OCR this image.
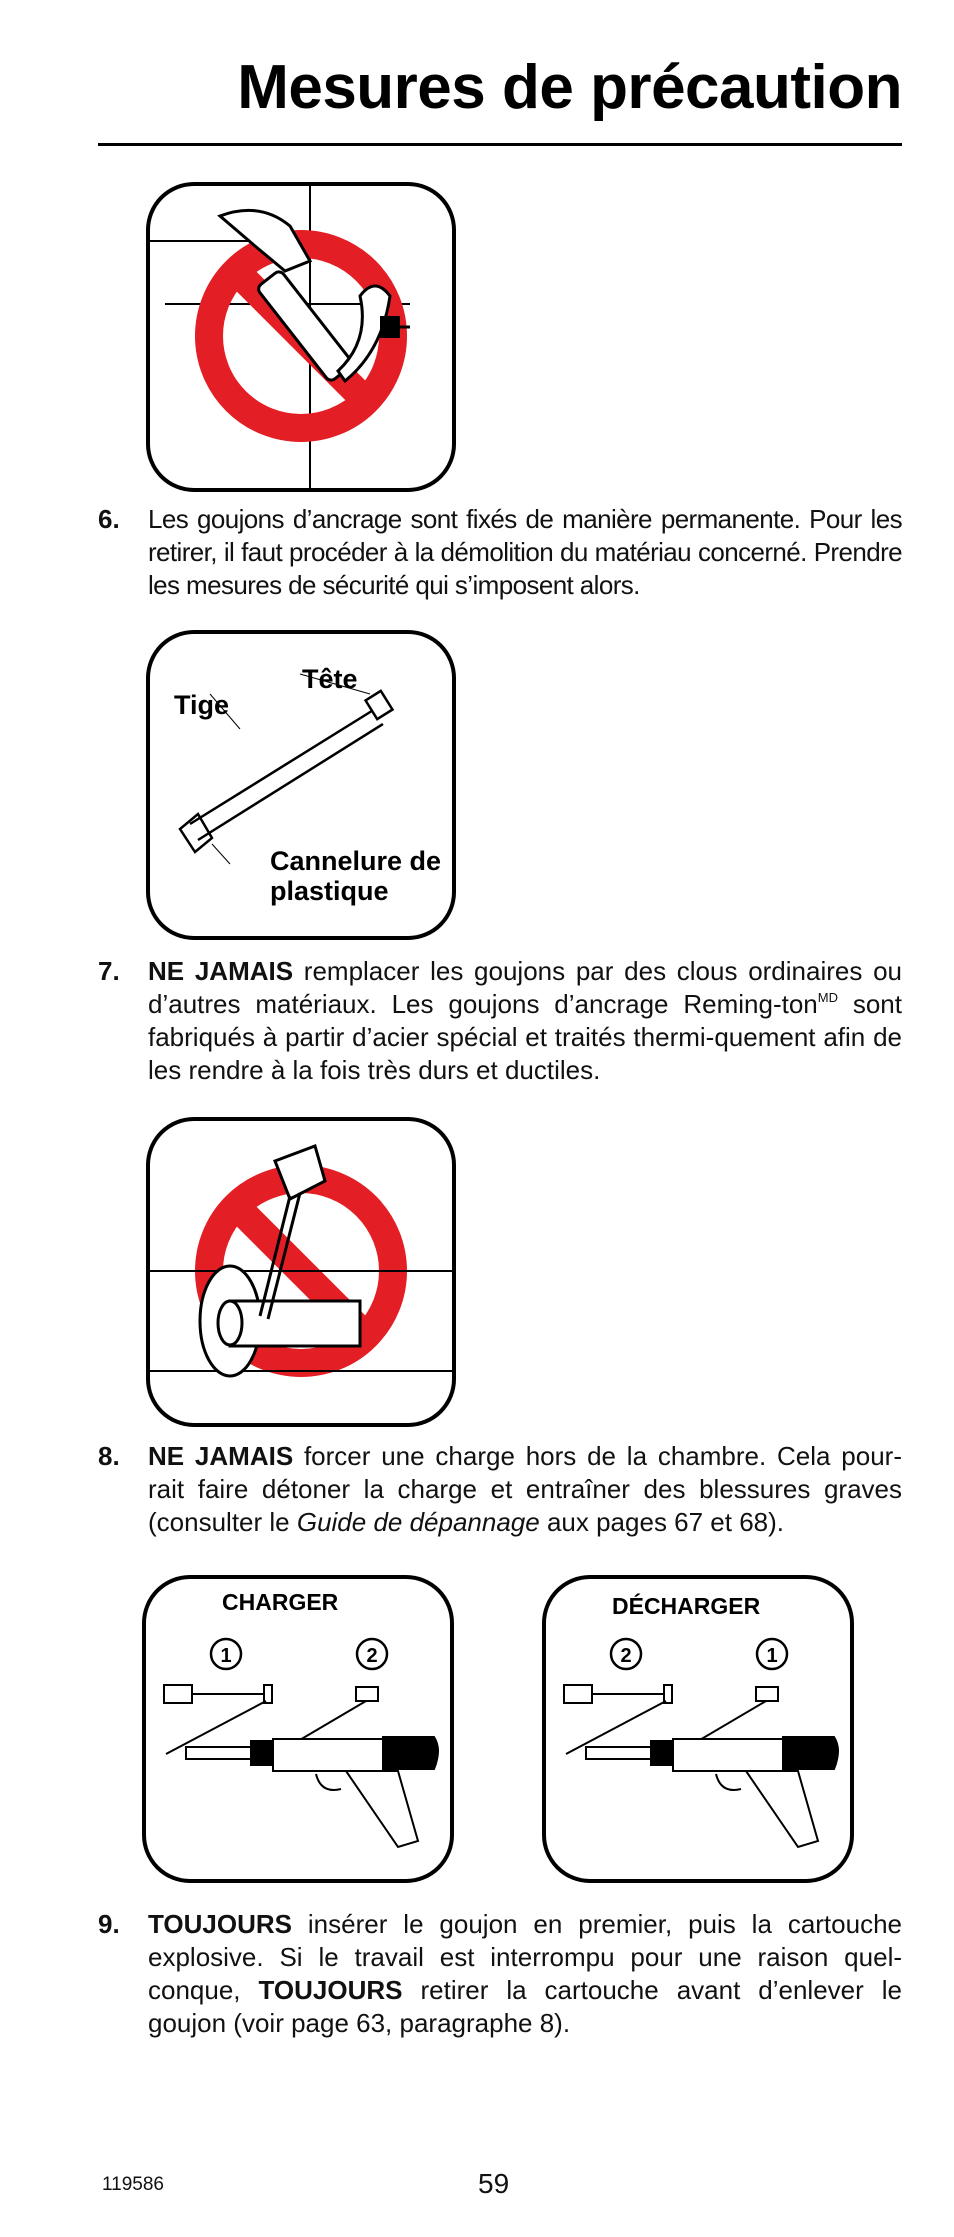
Mesures de précaution
6. Les goujons d’ancrage sont fixés de manière permanente. Pour les retirer, il faut procéder à la démolition du matériau concerné. Prendre les mesures de sécurité qui s’imposent alors.
Tête
Tige
Cannelure de plastique
7. NE JAMAIS remplacer les goujons par des clous ordinaires ou d’autres matériaux. Les goujons d’ancrage Reming-ton$^{MD}$ sont fabriqués à partir d’acier spécial et traités thermi-quement afin de les rendre à la fois très durs et ductiles.
8. NE JAMAIS forcer une charge hors de la chambre. Cela pour-rait faire détoner la charge et entraîner des blessures graves (consulter le Guide de dépannage aux pages 67 et 68).
CHARGER
1	2
DÉCHARGER
2	1
9. TOUJOURS insérer le goujon en premier, puis la cartouche explosive. Si le travail est interrompu pour une raison quel-conque, TOUJOURS retirer la cartouche avant d’enlever le goujon (voir page 63, paragraphe 8).
119586	59
